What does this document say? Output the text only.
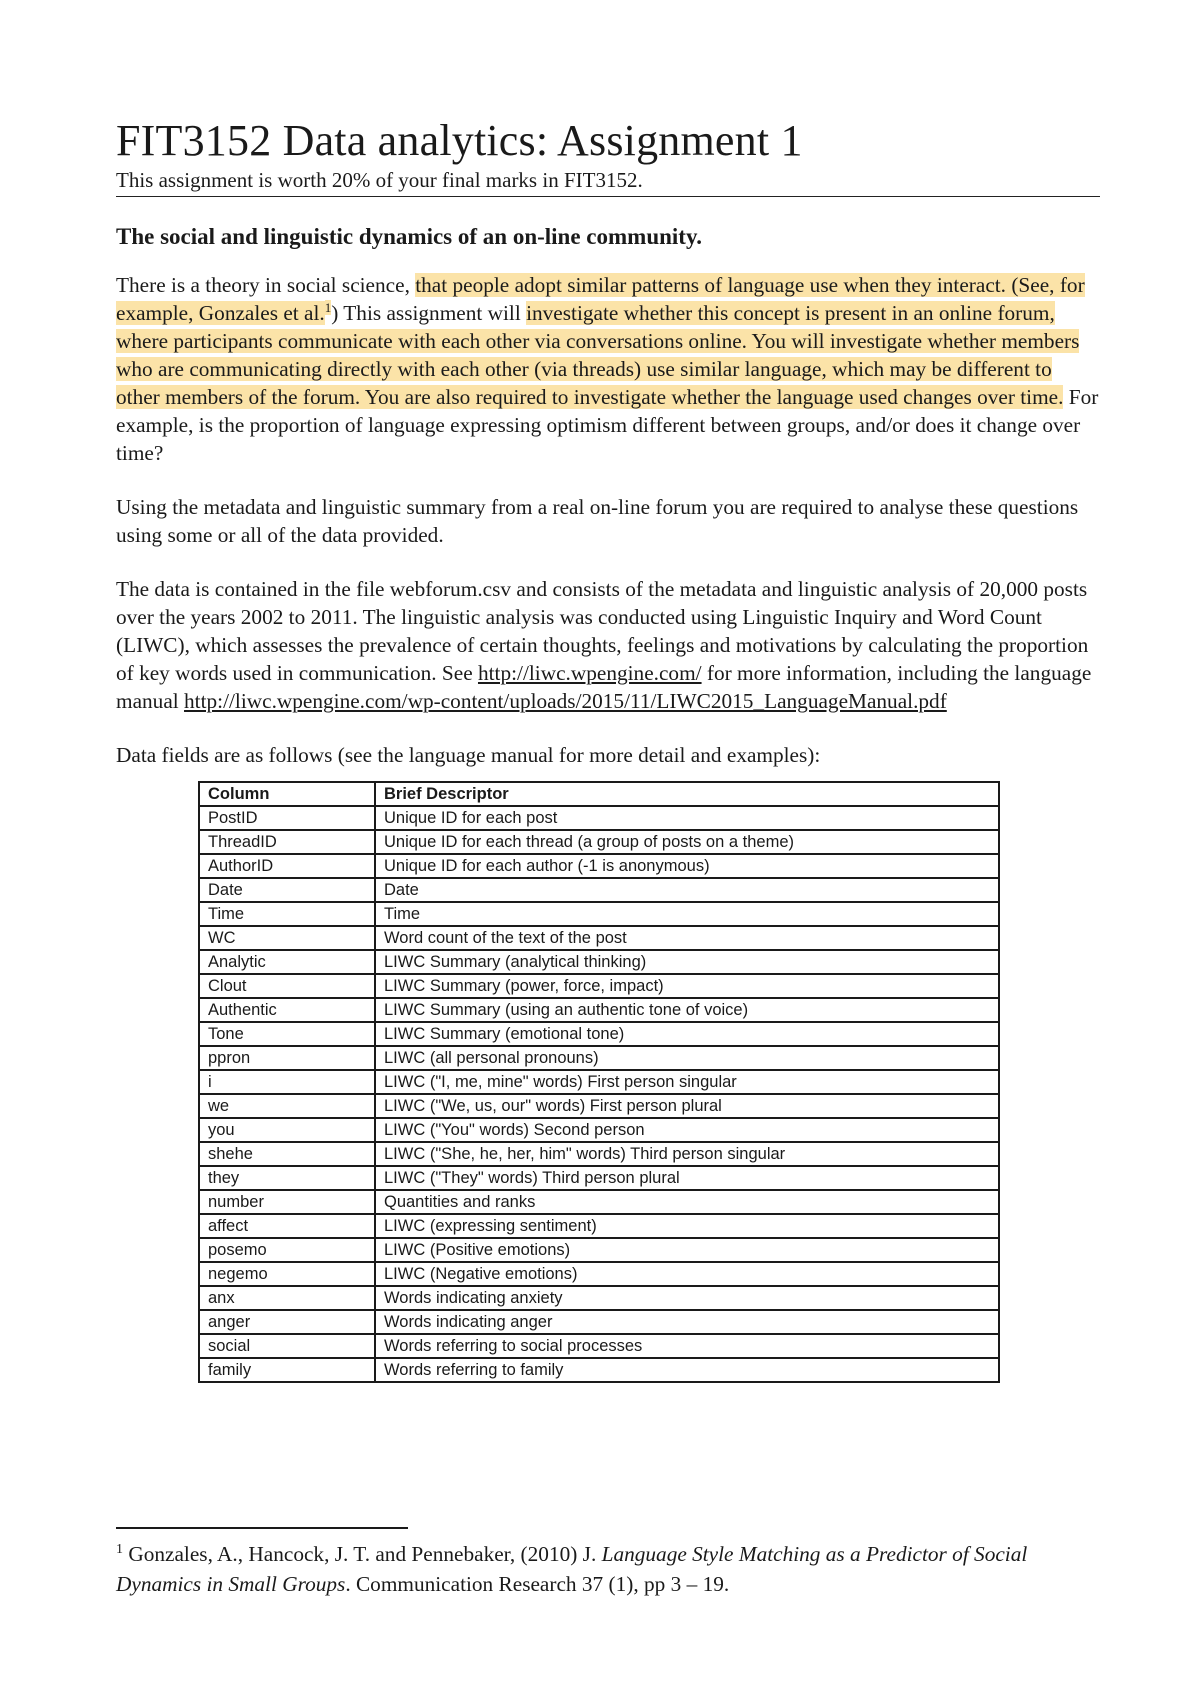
FIT3152 Data analytics: Assignment 1
This assignment is worth 20% of your final marks in FIT3152.
The social and linguistic dynamics of an on-line community.

There is a theory in social science, that people adopt similar patterns of language use when they interact. (See, for example, Gonzales et al.$^1$) This assignment will investigate whether this concept is present in an online forum, where participants communicate with each other via conversations online. You will investigate whether members who are communicating directly with each other (via threads) use similar language, which may be different to other members of the forum. You are also required to investigate whether the language used changes over time. For example, is the proportion of language expressing optimism different between groups, and/or does it change over time?

Using the metadata and linguistic summary from a real on-line forum you are required to analyse these questions using some or all of the data provided.

The data is contained in the file webforum.csv and consists of the metadata and linguistic analysis of 20,000 posts over the years 2002 to 2011. The linguistic analysis was conducted using Linguistic Inquiry and Word Count (LIWC), which assesses the prevalence of certain thoughts, feelings and motivations by calculating the proportion of key words used in communication. See http://liwc.wpengine.com/ for more information, including the language manual http://liwc.wpengine.com/wp-content/uploads/2015/11/LIWC2015_LanguageManual.pdf

Data fields are as follows (see the language manual for more detail and examples):

Column	Brief Descriptor
PostID	Unique ID for each post
ThreadID	Unique ID for each thread (a group of posts on a theme)
AuthorID	Unique ID for each author (-1 is anonymous)
Date	Date
Time	Time
WC	Word count of the text of the post
Analytic	LIWC Summary (analytical thinking)
Clout	LIWC Summary (power, force, impact)
Authentic	LIWC Summary (using an authentic tone of voice)
Tone	LIWC Summary (emotional tone)
ppron	LIWC (all personal pronouns)
i	LIWC ("I, me, mine" words) First person singular
we	LIWC ("We, us, our" words) First person plural
you	LIWC ("You" words) Second person
shehe	LIWC ("She, he, her, him" words) Third person singular
they	LIWC ("They" words) Third person plural
number	Quantities and ranks
affect	LIWC (expressing sentiment)
posemo	LIWC (Positive emotions)
negemo	LIWC (Negative emotions)
anx	Words indicating anxiety
anger	Words indicating anger
social	Words referring to social processes
family	Words referring to family
$^1$ Gonzales, A., Hancock, J. T. and Pennebaker, (2010) J. Language Style Matching as a Predictor of Social Dynamics in Small Groups. Communication Research 37 (1), pp 3 – 19.
